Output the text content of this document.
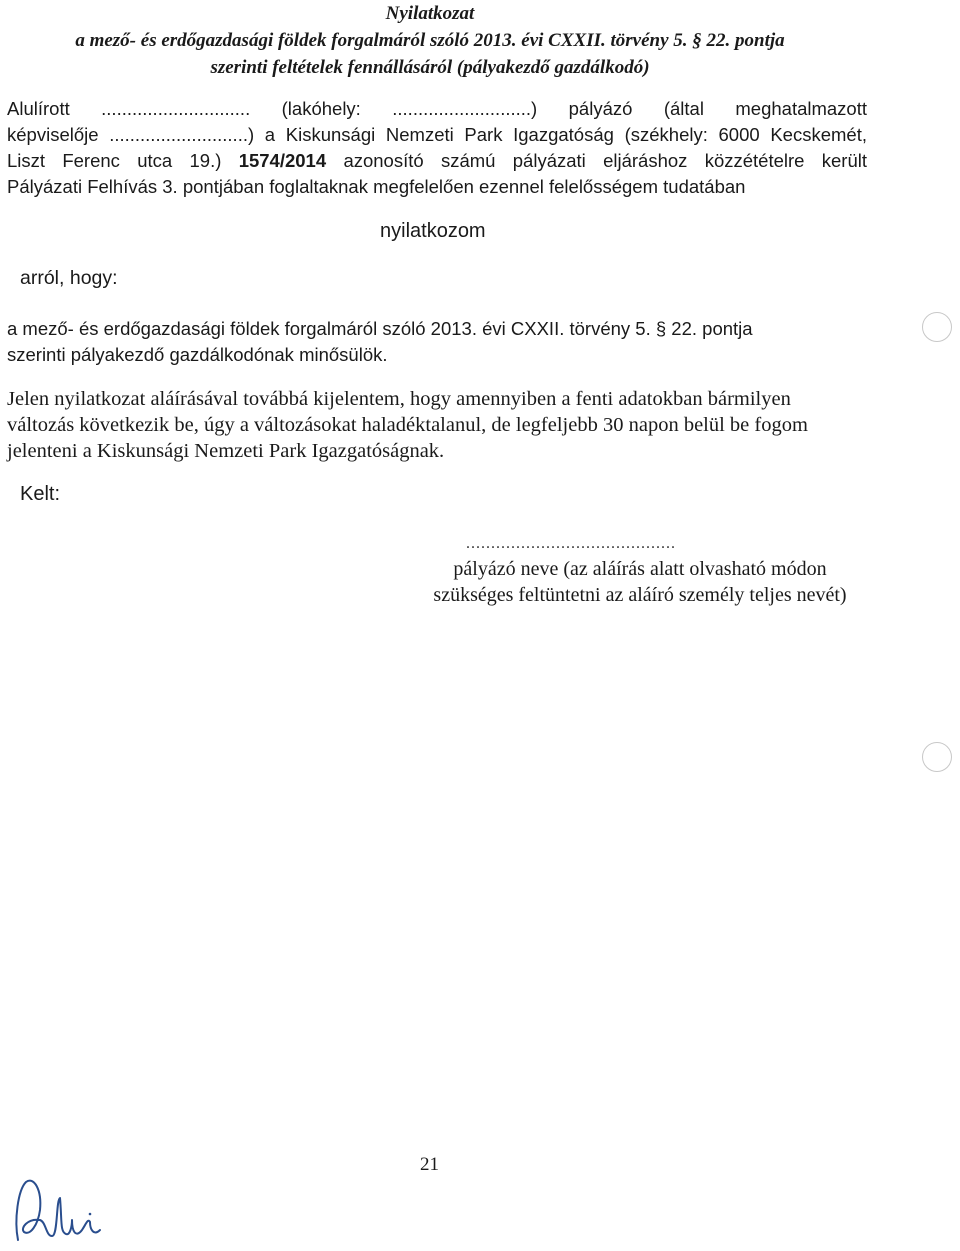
Nyilatkozat
a mező- és erdőgazdasági földek forgalmáról szóló 2013. évi CXXII. törvény 5. § 22. pontja
szerinti feltételek fennállásáról (pályakezdő gazdálkodó)
Alulírott ............................. (lakóhely: ...........................) pályázó (által meghatalmazott
képviselője ...........................) a Kiskunsági Nemzeti Park Igazgatóság (székhely: 6000 Kecskemét,
Liszt Ferenc utca 19.) 1574/2014 azonosító számú pályázati eljáráshoz közzétételre került
Pályázati Felhívás 3. pontjában foglaltaknak megfelelően ezennel felelősségem tudatában
nyilatkozom
arról, hogy:
a mező- és erdőgazdasági földek forgalmáról szóló 2013. évi CXXII. törvény 5. § 22. pontja
szerinti pályakezdő gazdálkodónak minősülök.
Jelen nyilatkozat aláírásával továbbá kijelentem, hogy amennyiben a fenti adatokban bármilyen
változás következik be, úgy a változásokat haladéktalanul, de legfeljebb 30 napon belül be fogom
jelenteni a Kiskunsági Nemzeti Park Igazgatóságnak.
Kelt:
..........................................
pályázó neve (az aláírás alatt olvasható módon
szükséges feltüntetni az aláíró személy teljes nevét)
21
